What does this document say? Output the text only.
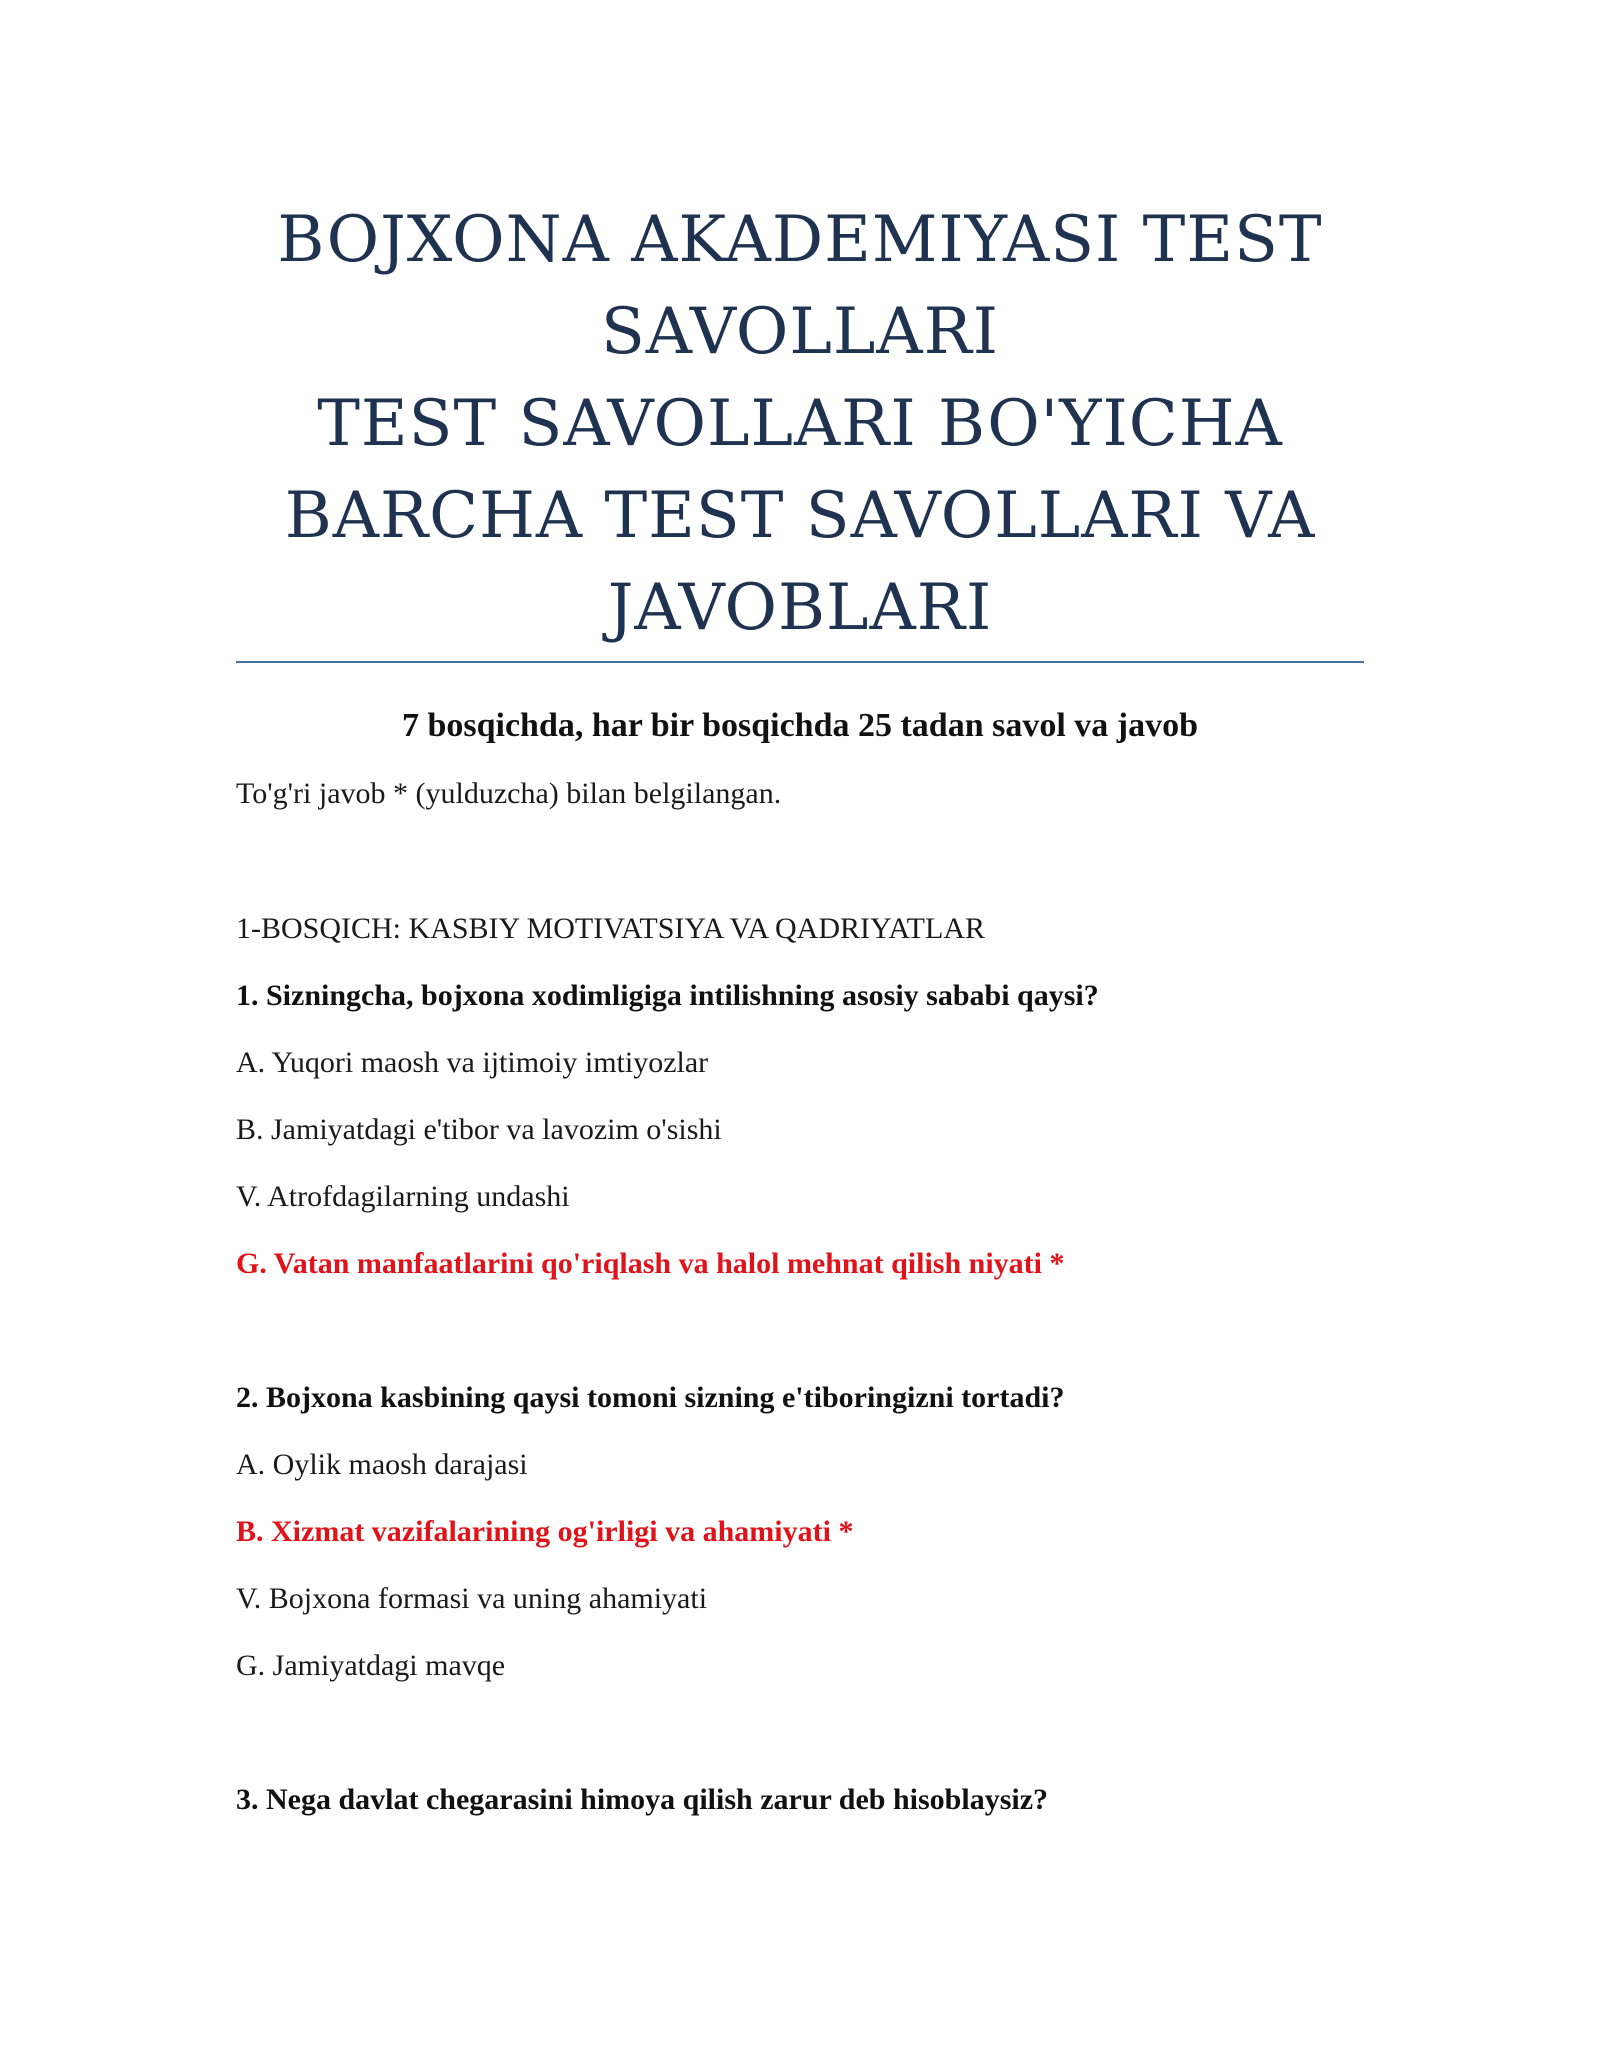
BOJXONA AKADEMIYASI TEST
SAVOLLARI
TEST SAVOLLARI BO'YICHA
BARCHA TEST SAVOLLARI VA
JAVOBLARI
7 bosqichda, har bir bosqichda 25 tadan savol va javob
To'g'ri javob * (yulduzcha) bilan belgilangan.
1-BOSQICH: KASBIY MOTIVATSIYA VA QADRIYATLAR
1. Sizningcha, bojxona xodimligiga intilishning asosiy sababi qaysi?
A. Yuqori maosh va ijtimoiy imtiyozlar
B. Jamiyatdagi e'tibor va lavozim o'sishi
V. Atrofdagilarning undashi
G. Vatan manfaatlarini qo'riqlash va halol mehnat qilish niyati *
2. Bojxona kasbining qaysi tomoni sizning e'tiboringizni tortadi?
A. Oylik maosh darajasi
B. Xizmat vazifalarining og'irligi va ahamiyati *
V. Bojxona formasi va uning ahamiyati
G. Jamiyatdagi mavqe
3. Nega davlat chegarasini himoya qilish zarur deb hisoblaysiz?
